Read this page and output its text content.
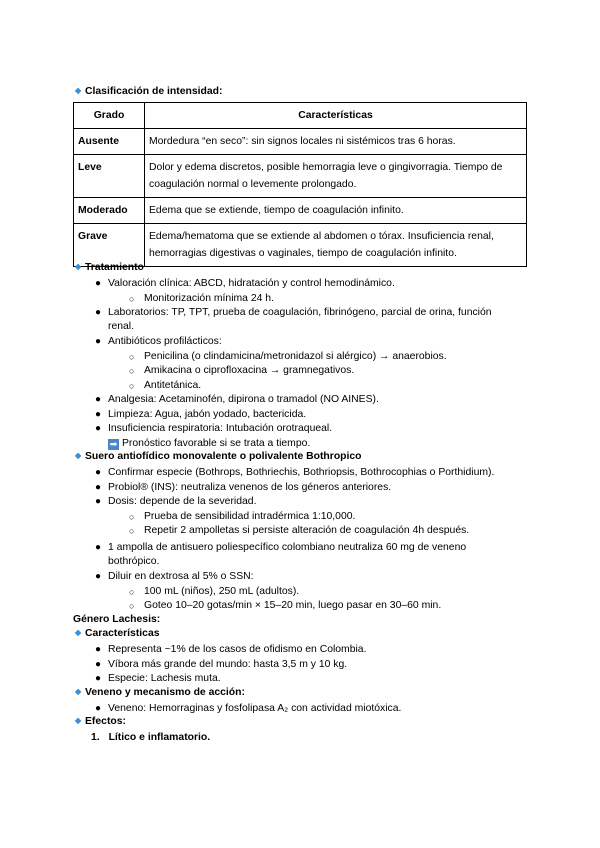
◆ Clasificación de intensidad:
Grado	Características
Ausente	Mordedura “en seco”: sin signos locales ni sistémicos tras 6 horas.
Leve	Dolor y edema discretos, posible hemorragia leve o gingivorragia. Tiempo de coagulación normal o levemente prolongado.
Moderado	Edema que se extiende, tiempo de coagulación infinito.
Grave	Edema/hematoma que se extiende al abdomen o tórax. Insuficiencia renal, hemorragias digestivas o vaginales, tiempo de coagulación infinito.
◆ Tratamiento
● Valoración clínica: ABCD, hidratación y control hemodinámico.
○ Monitorización mínima 24 h.
● Laboratorios: TP, TPT, prueba de coagulación, fibrinógeno, parcial de orina, función
renal.
● Antibióticos profilácticos:
○ Penicilina (o clindamicina/metronidazol si alérgico) → anaerobios.
○ Amikacina o ciprofloxacina → gramnegativos.
○ Antitetánica.
● Analgesia: Acetaminofén, dipirona o tramadol (NO AINES).
● Limpieza: Agua, jabón yodado, bactericida.
● Insuficiencia respiratoria: Intubación orotraqueal.
➡ Pronóstico favorable si se trata a tiempo.
◆ Suero antiofídico monovalente o polivalente Bothropico
● Confirmar especie (Bothrops, Bothriechis, Bothriopsis, Bothrocophias o Porthidium).
● Probiol® (INS): neutraliza venenos de los géneros anteriores.
● Dosis: depende de la severidad.
○ Prueba de sensibilidad intradérmica 1:10,000.
○ Repetir 2 ampolletas si persiste alteración de coagulación 4h después.
● 1 ampolla de antisuero poliespecífico colombiano neutraliza 60 mg de veneno
bothrópico.
● Diluir en dextrosa al 5% o SSN:
○ 100 mL (niños), 250 mL (adultos).
○ Goteo 10–20 gotas/min × 15–20 min, luego pasar en 30–60 min.
Género Lachesis:
◆ Características
● Representa ~1% de los casos de ofidismo en Colombia.
● Víbora más grande del mundo: hasta 3,5 m y 10 kg.
● Especie: Lachesis muta.
◆ Veneno y mecanismo de acción:
● Veneno: Hemorraginas y fosfolipasa A₂ con actividad miotóxica.
◆ Efectos:
1. Lítico e inflamatorio.
